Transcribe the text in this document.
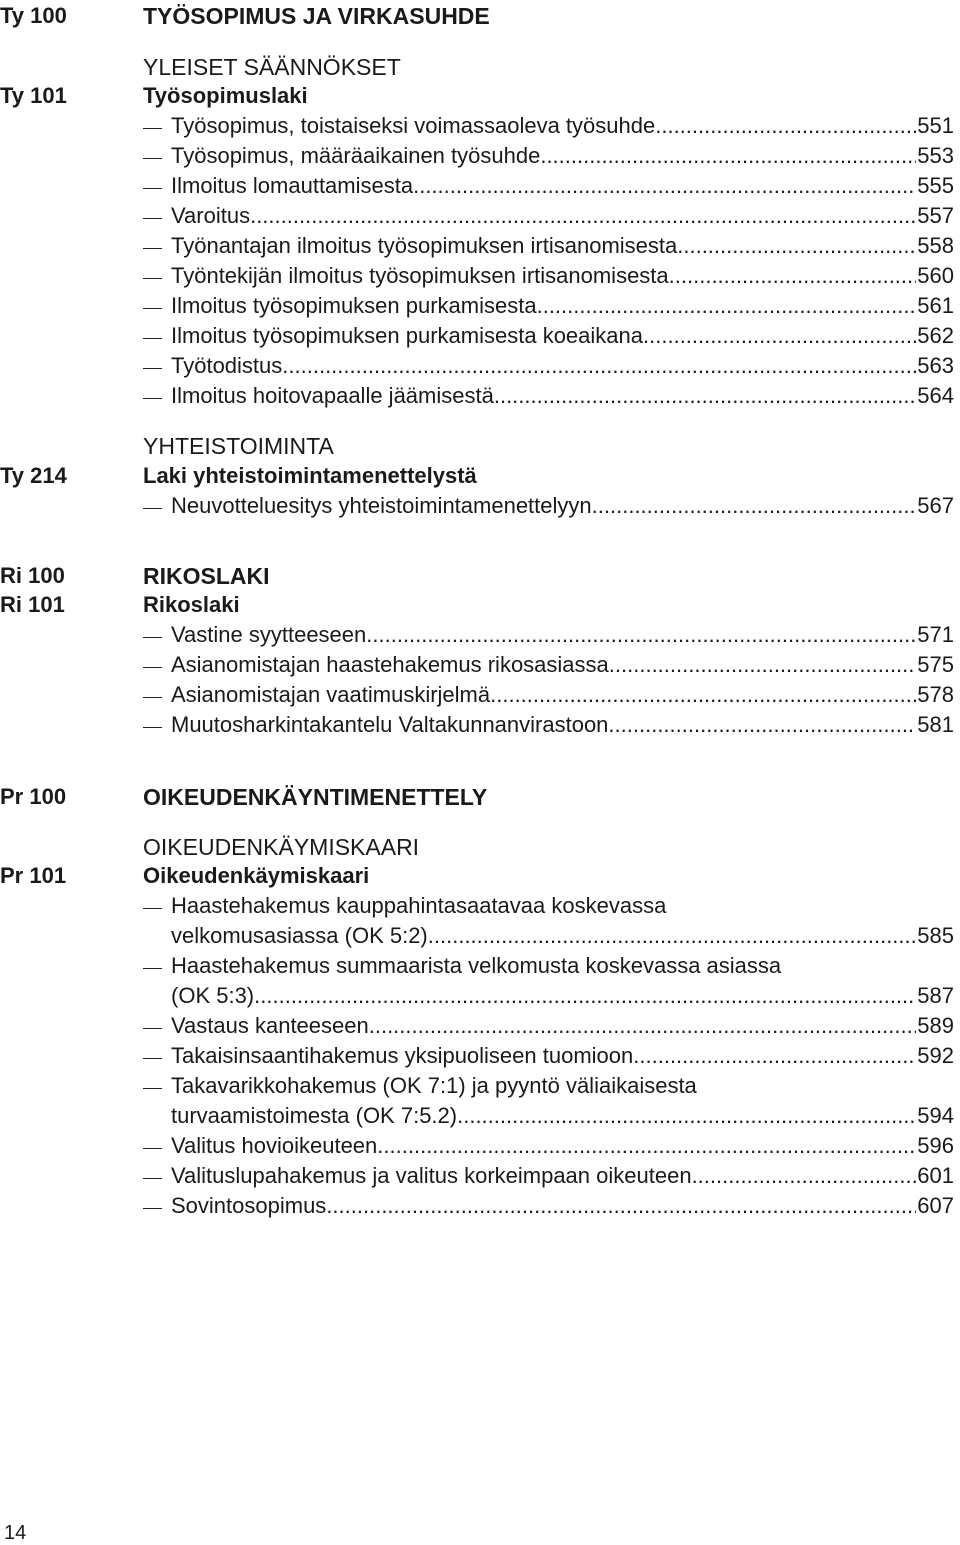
Ty 100	TYÖSOPIMUS JA VIRKASUHDE
YLEISET SÄÄNNÖKSET
Ty 101	Työsopimuslaki
Työsopimus, toistaiseksi voimassaoleva työsuhde .....	551
Työsopimus, määräaikainen työsuhde .....	553
Ilmoitus lomauttamisesta .....	555
Varoitus .....	557
Työnantajan ilmoitus työsopimuksen irtisanomisesta .....	558
Työntekijän ilmoitus työsopimuksen irtisanomisesta .....	560
Ilmoitus työsopimuksen purkamisesta .....	561
Ilmoitus työsopimuksen purkamisesta koeaikana .....	562
Työtodistus .....	563
Ilmoitus hoitovapaalle jäämisestä .....	564
YHTEISTOIMINTA
Ty 214	Laki yhteistoimintamenettelystä
Neuvotteluesitys yhteistoimintamenettelyyn .....	567
Ri 100	RIKOSLAKI
Ri 101	Rikoslaki
Vastine syytteeseen .....	571
Asianomistajan haastehakemus rikosasiassa .....	575
Asianomistajan vaatimuskirjelmä .....	578
Muutosharkintakantelu Valtakunnanvirastoon .....	581
Pr 100	OIKEUDENKÄYNTIMENETTELY
OIKEUDENKÄYMISKAARI
Pr 101	Oikeudenkäymiskaari
Haastehakemus kauppahintasaatavaa koskevassa
velkomusasiassa (OK 5:2) .....	585
Haastehakemus summaarista velkomusta koskevassa asiassa
(OK 5:3) .....	587
Vastaus kanteeseen .....	589
Takaisinsaantihakemus yksipuoliseen tuomioon .....	592
Takavarikkohakemus (OK 7:1) ja pyyntö väliaikaisesta
turvaamistoimesta (OK 7:5.2) .....	594
Valitus hovioikeuteen .....	596
Valituslupahakemus ja valitus korkeimpaan oikeuteen .....	601
Sovintosopimus .....	607
14
